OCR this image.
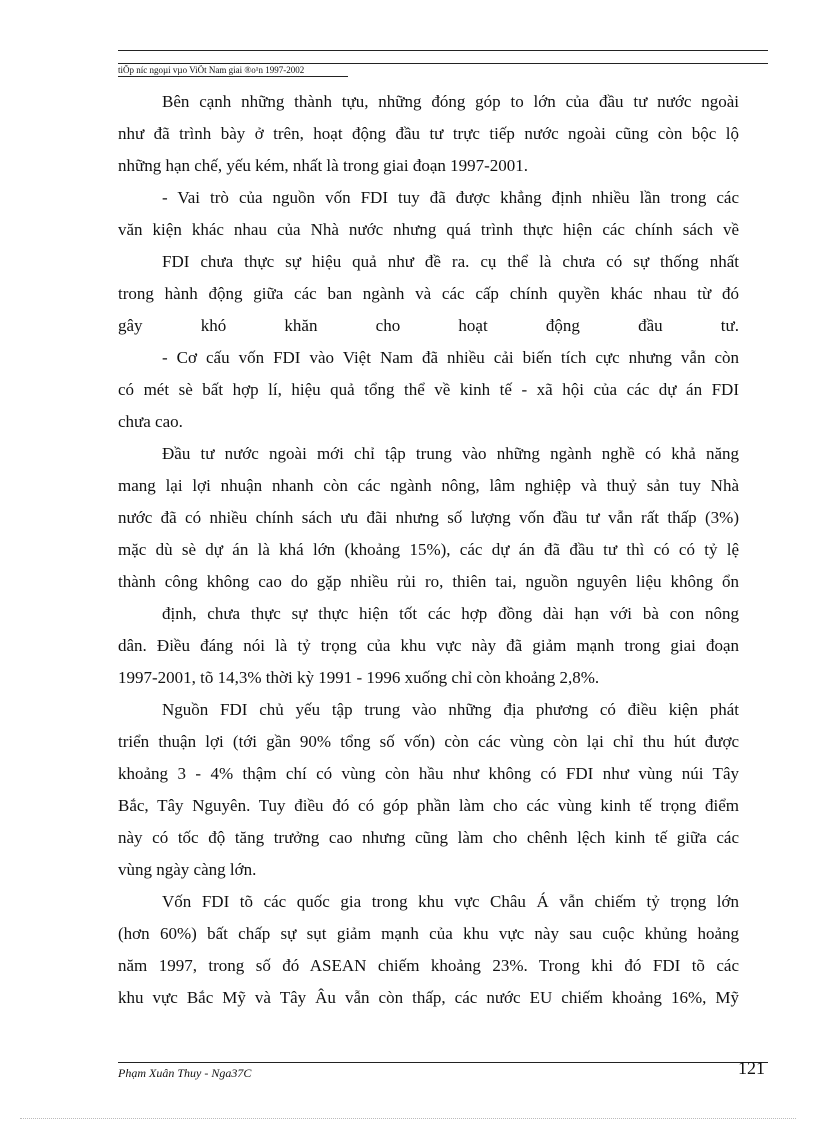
tiÕp níc ngoµi vµo ViÖt Nam giai ®o¹n 1997-2002
Bên cạnh những thành tựu, những đóng góp to lớn của đầu tư nước ngoài
như đã trình bày ở trên, hoạt động đầu tư trực tiếp nước ngoài cũng còn bộc lộ
những hạn chế, yếu kém, nhất là trong giai đoạn 1997-2001.
- Vai trò của nguồn vốn FDI tuy đã được khẳng định nhiều lần trong các
văn kiện khác nhau của Nhà nước nhưng quá trình thực hiện các chính sách về
FDI chưa thực sự hiệu quả như đề ra. cụ thể là chưa có sự thống nhất
trong hành động giữa các ban ngành và các cấp chính quyền khác nhau từ đó
gây khó khăn cho hoạt động đầu tư.
- Cơ cấu vốn FDI vào Việt Nam đã nhiều cải biến tích cực nhưng vẫn còn
có mét sè bất hợp lí, hiệu quả tổng thể về kinh tế - xã hội của các dự án FDI
chưa cao.
Đầu tư nước ngoài mới chỉ tập trung vào những ngành nghề có khả năng
mang lại lợi nhuận nhanh còn các ngành nông, lâm nghiệp và thuỷ sản tuy Nhà
nước đã có nhiều chính sách ưu đãi nhưng số lượng vốn đầu tư vẫn rất thấp (3%)
mặc dù sè dự án là khá lớn (khoảng 15%), các dự án đã đầu tư thì có có tỷ lệ
thành công không cao do gặp nhiều rủi ro, thiên tai, nguồn nguyên liệu không ổn
định, chưa thực sự thực hiện tốt các hợp đồng dài hạn với bà con nông
dân. Điều đáng nói là tỷ trọng của khu vực này đã giảm mạnh trong giai đoạn
1997-2001, tõ 14,3% thời kỳ 1991 - 1996 xuống chỉ còn khoảng 2,8%.
Nguồn FDI chủ yếu tập trung vào những địa phương có điều kiện phát
triển thuận lợi (tới gần 90% tổng số vốn) còn các vùng còn lại chỉ thu hút được
khoảng 3 - 4% thậm chí có vùng còn hầu như không có FDI như vùng núi Tây
Bắc, Tây Nguyên. Tuy điều đó có góp phần làm cho các vùng kinh tế trọng điểm
này có tốc độ tăng trưởng cao nhưng cũng làm cho chênh lệch kinh tế giữa các
vùng ngày càng lớn.
Vốn FDI tõ các quốc gia trong khu vực Châu Á vẫn chiếm tỷ trọng lớn
(hơn 60%) bất chấp sự sụt giảm mạnh của khu vực này sau cuộc khủng hoảng
năm 1997, trong số đó ASEAN chiếm khoảng 23%. Trong khi đó FDI tõ các
khu vực Bắc Mỹ và Tây Âu vẫn còn thấp, các nước EU chiếm khoảng 16%, Mỹ
Phạm Xuân Thuy - Nga37C	121
